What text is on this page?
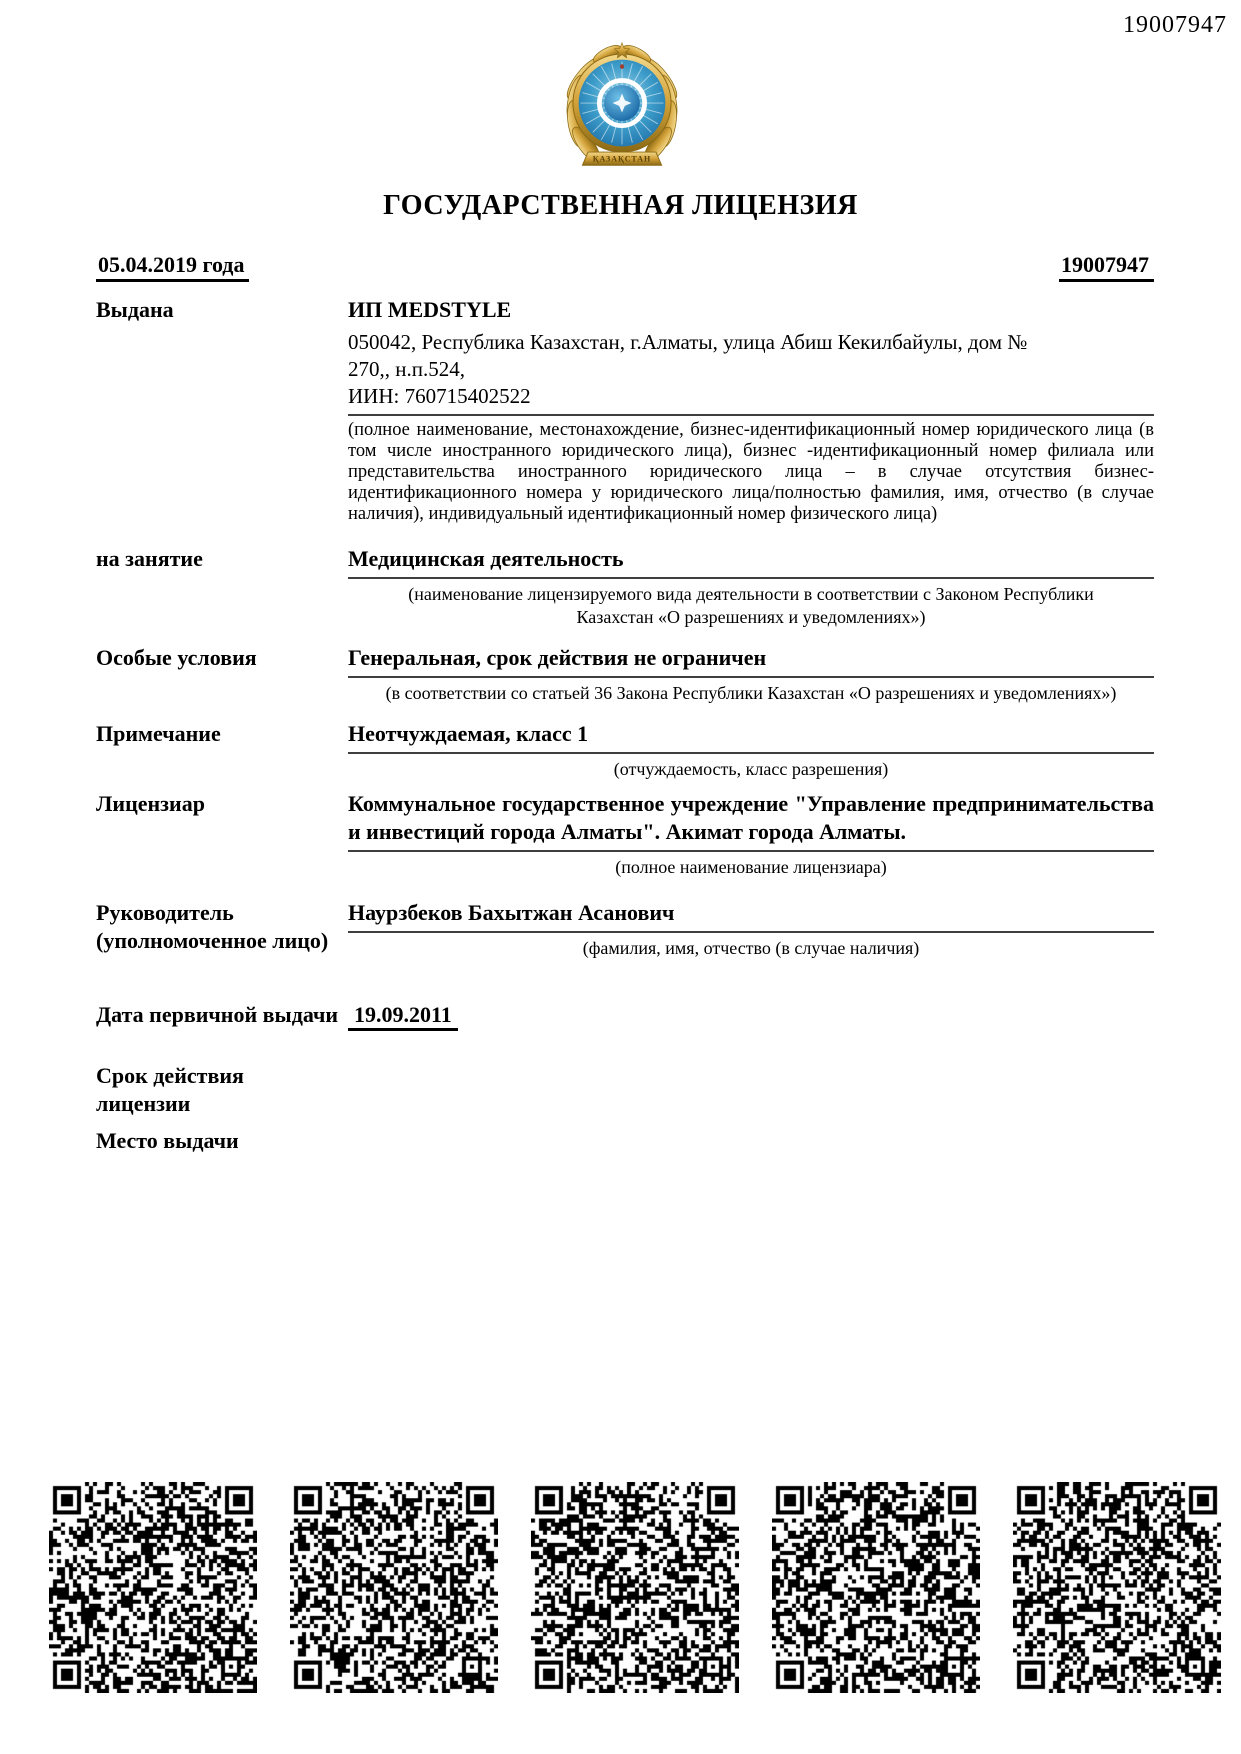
19007947
ҚАЗАҚСТАН
ГОСУДАРСТВЕННАЯ ЛИЦЕНЗИЯ
05.04.2019 года	19007947
Выдана	ИП MEDSTYLE
050042, Республика Казахстан, г.Алматы, улица Абиш Кекилбайулы, дом № 270,, н.п.524,
ИИН: 760715402522
(полное наименование, местонахождение, бизнес-идентификационный номер юридического лица (в том числе иностранного юридического лица), бизнес -идентификационный номер филиала или представительства иностранного юридического лица – в случае отсутствия бизнес-идентификационного номера у юридического лица/полностью фамилия, имя, отчество (в случае наличия), индивидуальный идентификационный номер физического лица)
на занятие	Медицинская деятельность
(наименование лицензируемого вида деятельности в соответствии с Законом Республики Казахстан «О разрешениях и уведомлениях»)
Особые условия	Генеральная, срок действия не ограничен
(в соответствии со статьей 36 Закона Республики Казахстан «О разрешениях и уведомлениях»)
Примечание	Неотчуждаемая, класс 1
(отчуждаемость, класс разрешения)
Лицензиар	Коммунальное государственное учреждение "Управление предпринимательства и инвестиций города Алматы". Акимат города Алматы.
(полное наименование лицензиара)
Руководитель (уполномоченное лицо)
Наурзбеков Бахытжан Асанович
(фамилия, имя, отчество (в случае наличия)
Дата первичной выдачи 19.09.2011
Срок действия лицензии
Место выдачи
